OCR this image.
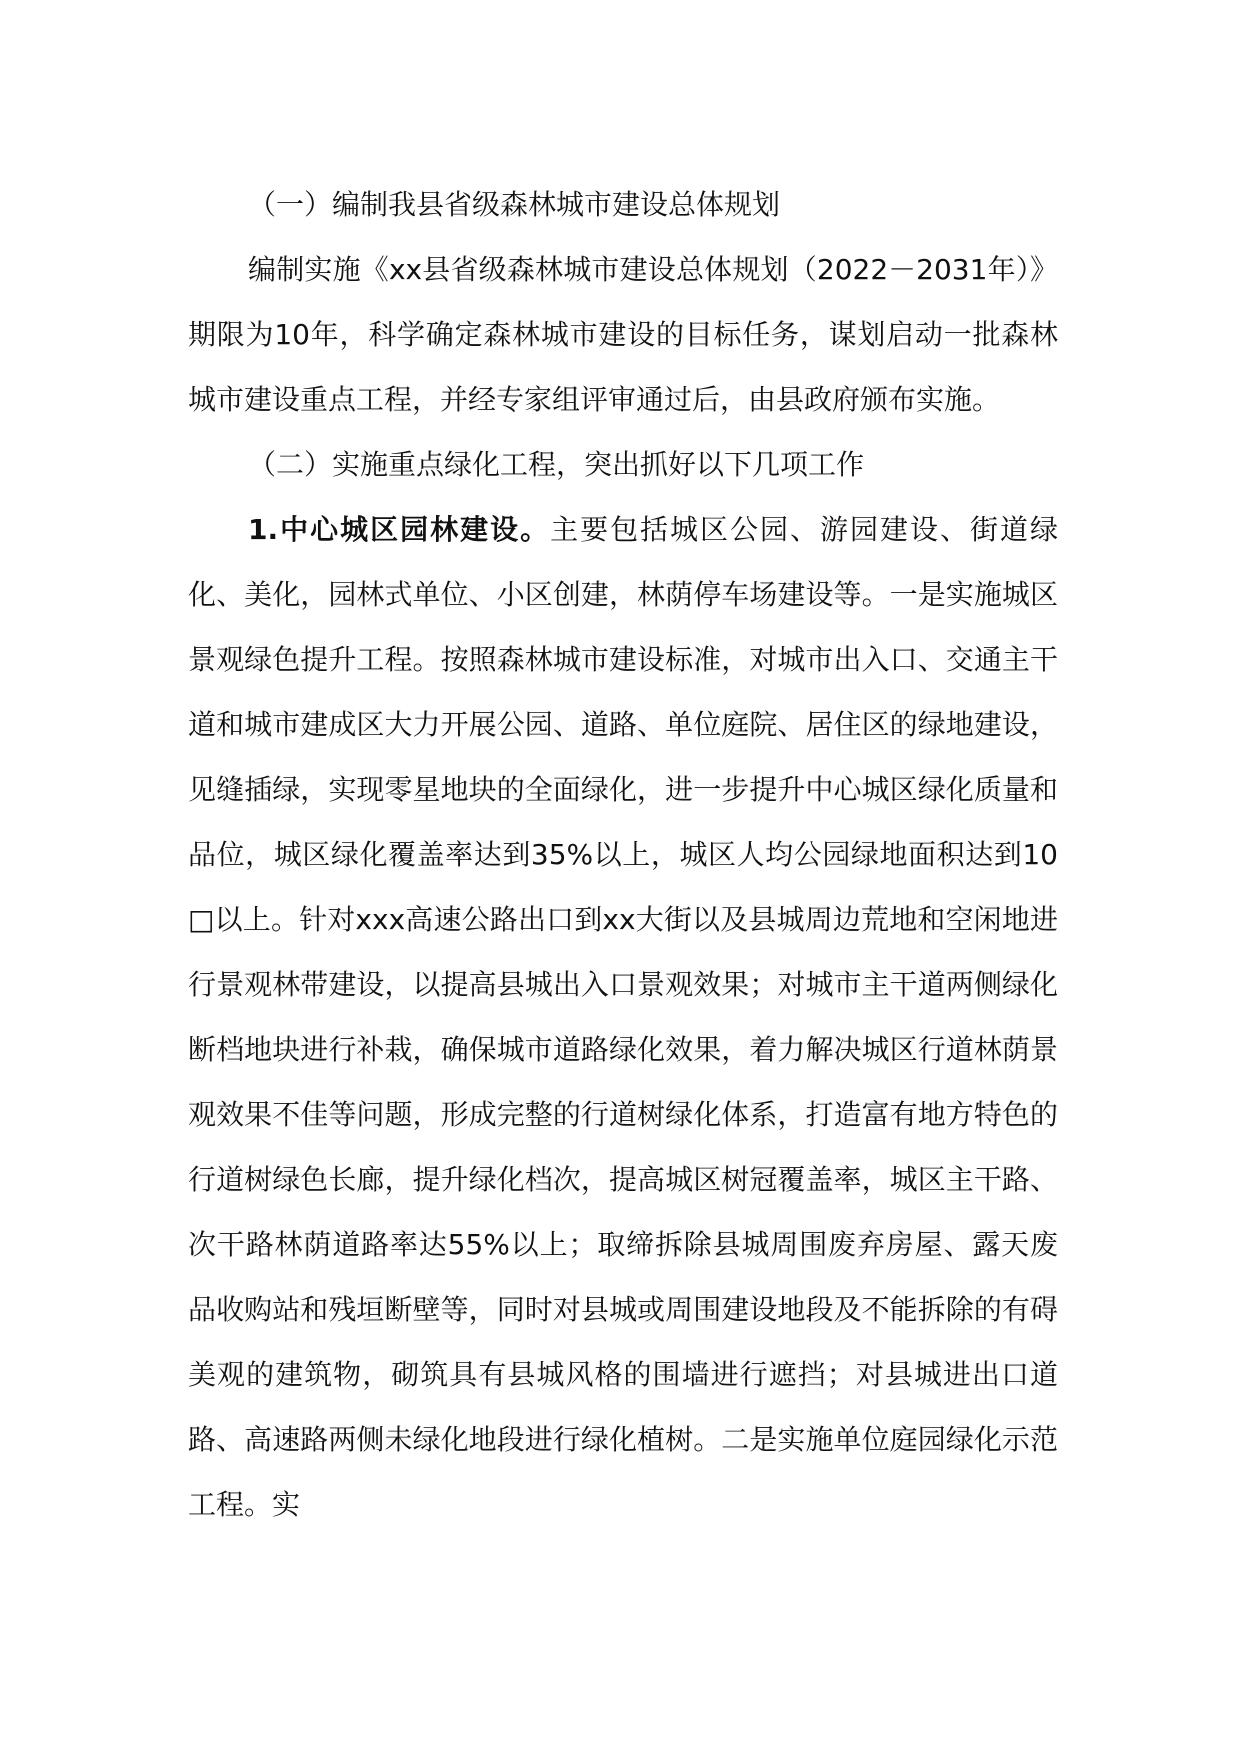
（一）编制我县省级森林城市建设总体规划

编制实施《xx县省级森林城市建设总体规划（2022－2031年）》期限为10年，科学确定森林城市建设的目标任务，谋划启动一批森林城市建设重点工程，并经专家组评审通过后，由县政府颁布实施。

（二）实施重点绿化工程，突出抓好以下几项工作

1.中心城区园林建设。主要包括城区公园、游园建设、街道绿化、美化，园林式单位、小区创建，林荫停车场建设等。一是实施城区景观绿色提升工程。按照森林城市建设标准，对城市出入口、交通主干道和城市建成区大力开展公园、道路、单位庭院、居住区的绿地建设，见缝插绿，实现零星地块的全面绿化，进一步提升中心城区绿化质量和品位，城区绿化覆盖率达到35%以上，城区人均公园绿地面积达到10□以上。针对xxx高速公路出口到xx大街以及县城周边荒地和空闲地进行景观林带建设，以提高县城出入口景观效果；对城市主干道两侧绿化断档地块进行补栽，确保城市道路绿化效果，着力解决城区行道林荫景观效果不佳等问题，形成完整的行道树绿化体系，打造富有地方特色的行道树绿色长廊，提升绿化档次，提高城区树冠覆盖率，城区主干路、次干路林荫道路率达55%以上；取缔拆除县城周围废弃房屋、露天废品收购站和残垣断壁等，同时对县城或周围建设地段及不能拆除的有碍美观的建筑物，砌筑具有县城风格的围墙进行遮挡；对县城进出口道路、高速路两侧未绿化地段进行绿化植树。二是实施单位庭园绿化示范工程。实
